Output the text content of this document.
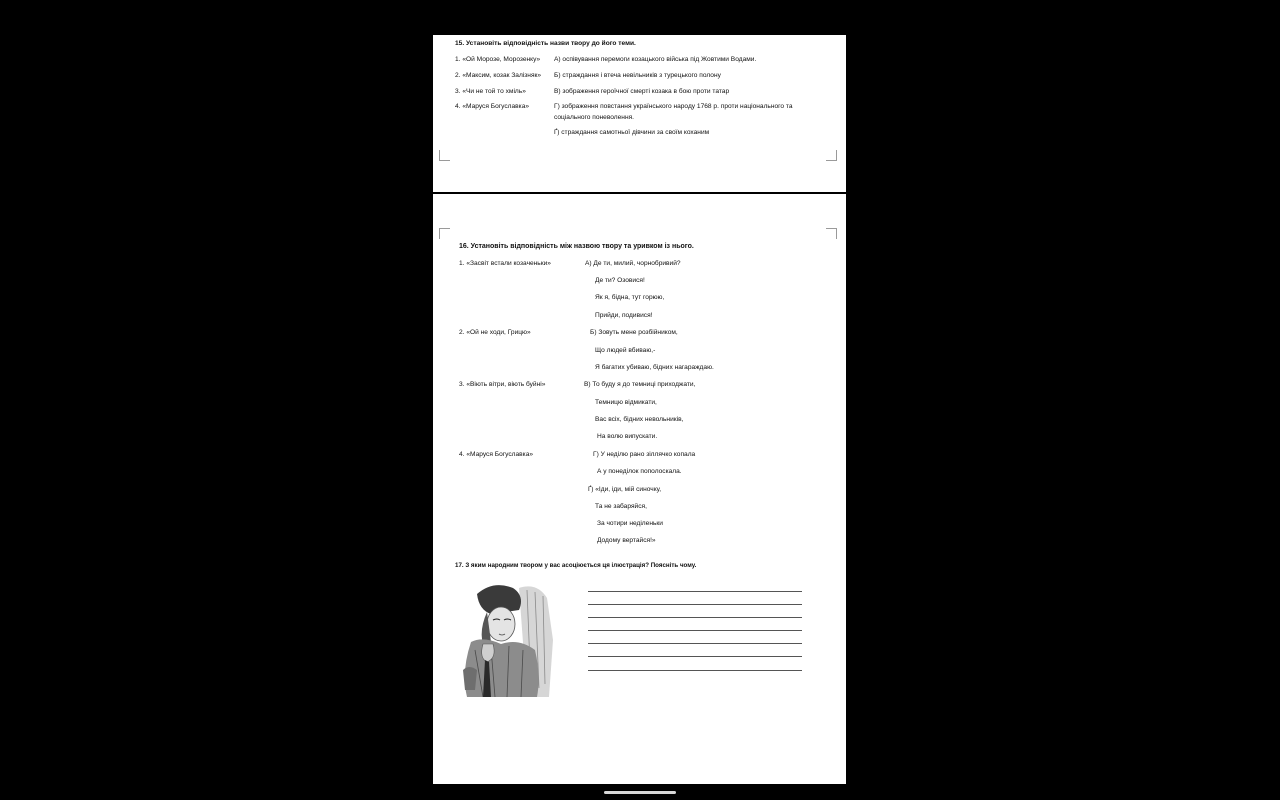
15. Установіть відповідність назви твору до його теми.
1. «Ой Морозе, Морозенку»
2. «Максим, козак Залізняк»
3. «Чи не той то хміль»
4. «Маруся Богуславка»
А) оспівування перемоги козацького війська під Жовтими Водами.
Б) страждання і втеча невільників з турецького полону
В) зображення героїчної смерті козака в бою проти татар
Г) зображення повстання українського народу 1768 р. проти національного та
соціального поневолення.
Ґ) страждання самотньої дівчини за своїм коханим
16. Установіть відповідність між назвою твору та уривком із нього.
1. «Засвіт встали козаченьки»
2. «Ой не ходи, Грицю»
3. «Віють вітри, віють буйні»
4. «Маруся Богуславка»
А) Де ти, милий, чорнобривий?
Де ти? Озовися!
Як я, бідна, тут горюю,
Прийди, подивися!
Б) Зовуть мене розбійником,
Що людей вбиваю,-
Я багатих убиваю, бідних нагараждаю.
В) То буду я до темниці приходжати,
Темницю відмикати,
Вас всіх, бідних невольників,
На волю випускати.
Г) У неділю рано зіллячко копала
А у понеділок пополоскала.
Ґ) «Іди, іди, мій синочку,
Та не забаряйся,
За чотири неділеньки
Додому вертайся!»
17. З яким народним твором у вас асоціюється ця ілюстрація? Поясніть чому.
